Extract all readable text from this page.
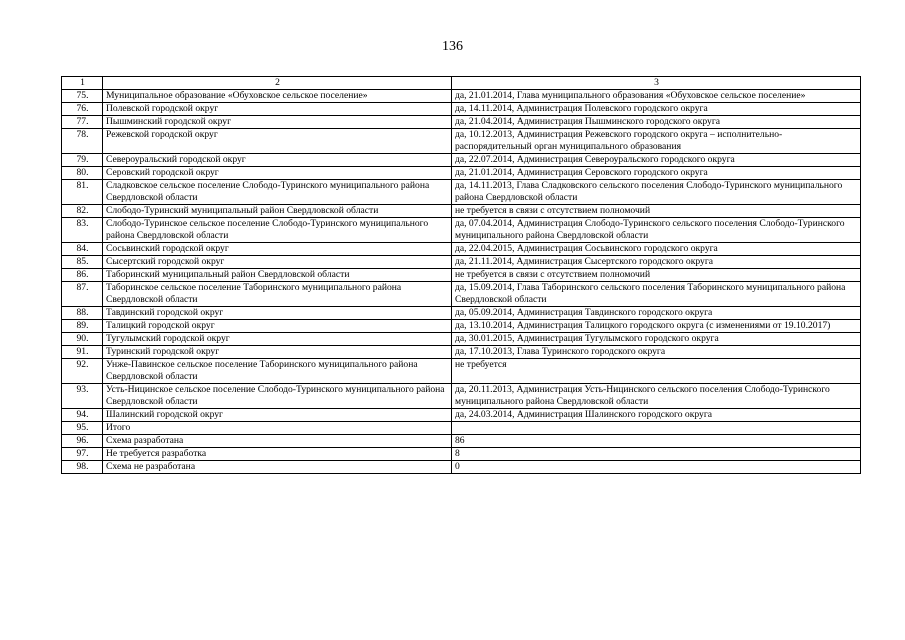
136
1	2	3
75.	Муниципальное образование «Обуховское сельское поселение»	да, 21.01.2014, Глава муниципального образования «Обуховское сельское поселение»
76.	Полевской городской округ	да, 14.11.2014, Администрация Полевского городского округа
77.	Пышминский городской округ	да, 21.04.2014, Администрация Пышминского городского округа
78.	Режевской городской округ	да, 10.12.2013, Администрация Режевского городского округа – исполнительно-распорядительный орган муниципального образования
79.	Североуральский городской округ	да, 22.07.2014, Администрация Североуральского городского округа
80.	Серовский городской округ	да, 21.01.2014, Администрация Серовского городского округа
81.	Сладковское сельское поселение Слободо-Туринского муниципального района Свердловской области	да, 14.11.2013, Глава Сладковского сельского поселения Слободо-Туринского муниципального района Свердловской области
82.	Слободо-Туринский муниципальный район Свердловской области	не требуется в связи с отсутствием полномочий
83.	Слободо-Туринское сельское поселение Слободо-Туринского муниципального района Свердловской области	да, 07.04.2014, Администрация Слободо-Туринского сельского поселения Слободо-Туринского муниципального района Свердловской области
84.	Сосьвинский городской округ	да, 22.04.2015, Администрация Сосьвинского городского округа
85.	Сысертский городской округ	да, 21.11.2014, Администрация Сысертского городского округа
86.	Таборинский муниципальный район Свердловской области	не требуется в связи с отсутствием полномочий
87.	Таборинское сельское поселение Таборинского муниципального района Свердловской области	да, 15.09.2014, Глава Таборинского сельского поселения Таборинского муниципального района Свердловской области
88.	Тавдинский городской округ	да, 05.09.2014, Администрация Тавдинского городского округа
89.	Талицкий городской округ	да, 13.10.2014, Администрация Талицкого городского округа (с изменениями от 19.10.2017)
90.	Тугулымский городской округ	да, 30.01.2015, Администрация Тугулымского городского округа
91.	Туринский городской округ	да, 17.10.2013, Глава Туринского городского округа
92.	Унже-Павинское сельское поселение Таборинского муниципального района Свердловской области	не требуется
93.	Усть-Ницинское сельское поселение Слободо-Туринского муниципального района Свердловской области	да, 20.11.2013, Администрация Усть-Ницинского сельского поселения Слободо-Туринского муниципального района Свердловской области
94.	Шалинский городской округ	да, 24.03.2014, Администрация Шалинского городского округа
95.	Итого	
96.	Схема разработана	86
97.	Не требуется разработка	8
98.	Схема не разработана	0
